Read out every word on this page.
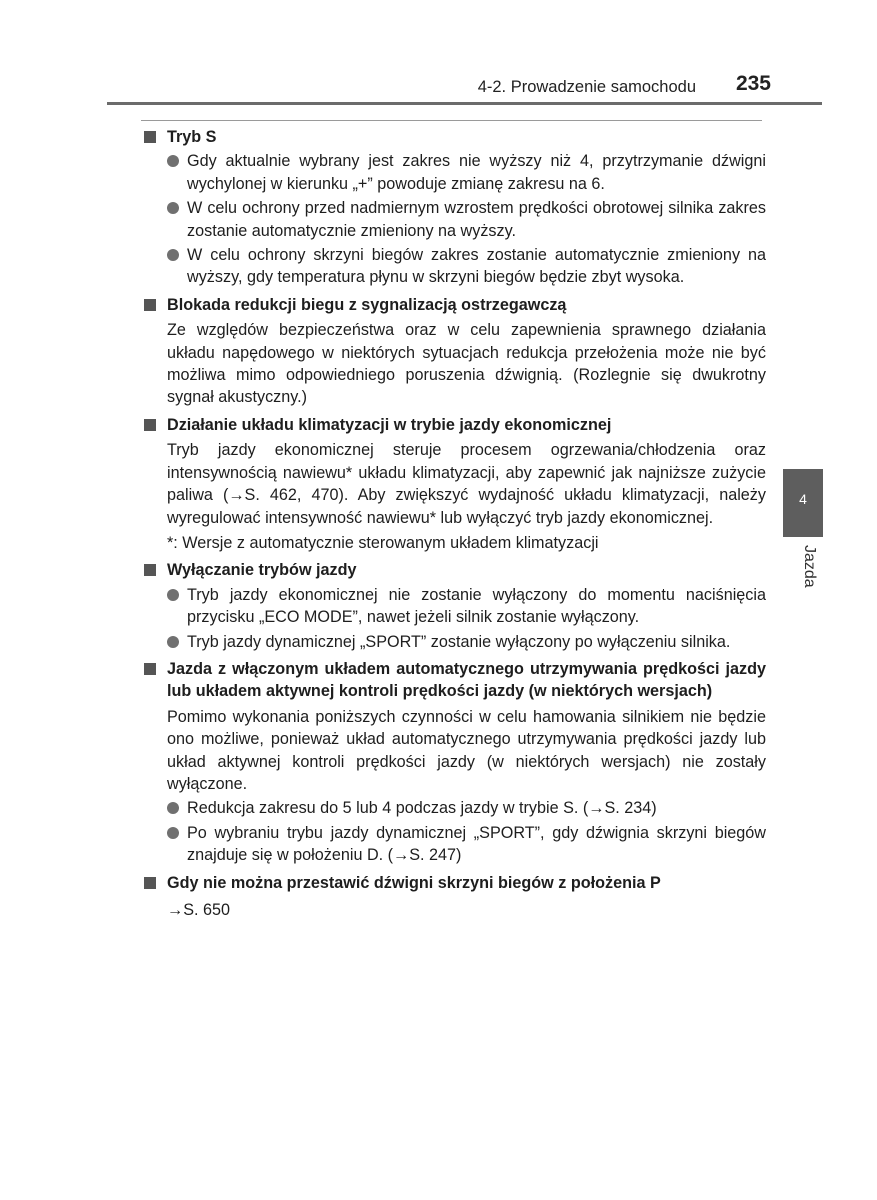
4-2. Prowadzenie samochodu 235
Tryb S
Gdy aktualnie wybrany jest zakres nie wyższy niż 4, przytrzymanie dźwigni wychylonej w kierunku „+” powoduje zmianę zakresu na 6.
W celu ochrony przed nadmiernym wzrostem prędkości obrotowej silnika zakres zostanie automatycznie zmieniony na wyższy.
W celu ochrony skrzyni biegów zakres zostanie automatycznie zmieniony na wyższy, gdy temperatura płynu w skrzyni biegów będzie zbyt wysoka.
Blokada redukcji biegu z sygnalizacją ostrzegawczą
Ze względów bezpieczeństwa oraz w celu zapewnienia sprawnego działania układu napędowego w niektórych sytuacjach redukcja przełożenia może nie być możliwa mimo odpowiedniego poruszenia dźwignią. (Rozlegnie się dwukrotny sygnał akustyczny.)
Działanie układu klimatyzacji w trybie jazdy ekonomicznej
Tryb jazdy ekonomicznej steruje procesem ogrzewania/chłodzenia oraz intensywnością nawiewu* układu klimatyzacji, aby zapewnić jak najniższe zużycie paliwa (→S. 462, 470). Aby zwiększyć wydajność układu klimatyzacji, należy wyregulować intensywność nawiewu* lub wyłączyć tryb jazdy ekonomicznej.
*: Wersje z automatycznie sterowanym układem klimatyzacji
Wyłączanie trybów jazdy
Tryb jazdy ekonomicznej nie zostanie wyłączony do momentu naciśnięcia przycisku „ECO MODE”, nawet jeżeli silnik zostanie wyłączony.
Tryb jazdy dynamicznej „SPORT” zostanie wyłączony po wyłączeniu silnika.
Jazda z włączonym układem automatycznego utrzymywania prędkości jazdy lub układem aktywnej kontroli prędkości jazdy (w niektórych wersjach)
Pomimo wykonania poniższych czynności w celu hamowania silnikiem nie będzie ono możliwe, ponieważ układ automatycznego utrzymywania prędkości jazdy lub układ aktywnej kontroli prędkości jazdy (w niektórych wersjach) nie zostały wyłączone.
Redukcja zakresu do 5 lub 4 podczas jazdy w trybie S. (→S. 234)
Po wybraniu trybu jazdy dynamicznej „SPORT”, gdy dźwignia skrzyni biegów znajduje się w położeniu D. (→S. 247)
Gdy nie można przestawić dźwigni skrzyni biegów z położenia P
→S. 650
4
Jazda
